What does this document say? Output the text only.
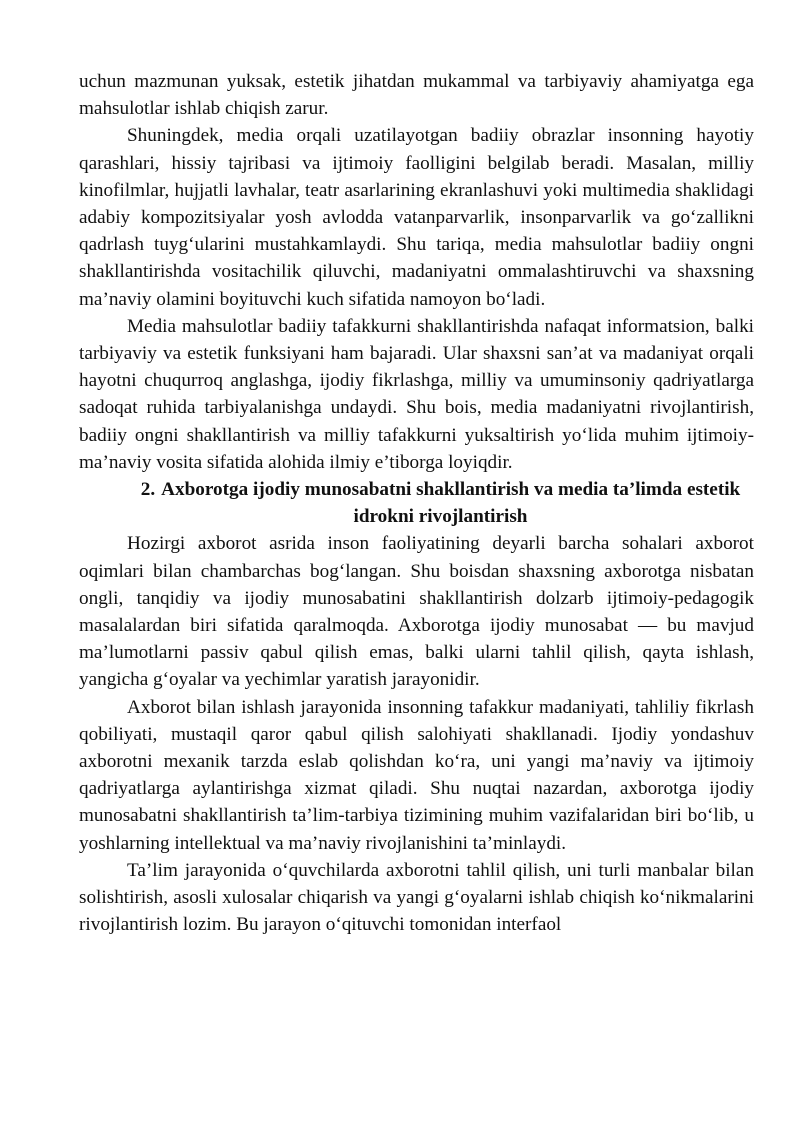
uchun mazmunan yuksak, estetik jihatdan mukammal va tarbiyaviy ahamiyatga ega mahsulotlar ishlab chiqish zarur.

Shuningdek, media orqali uzatilayotgan badiiy obrazlar insonning hayotiy qarashlari, hissiy tajribasi va ijtimoiy faolligini belgilab beradi. Masalan, milliy kinofilmlar, hujjatli lavhalar, teatr asarlarining ekranlashuvi yoki multimedia shaklidagi adabiy kompozitsiyalar yosh avlodda vatanparvarlik, insonparvarlik va go‘zallikni qadrlash tuyg‘ularini mustahkamlaydi. Shu tariqa, media mahsulotlar badiiy ongni shakllantirishda vositachilik qiluvchi, madaniyatni ommalashtiruvchi va shaxsning ma’naviy olamini boyituvchi kuch sifatida namoyon bo‘ladi.

Media mahsulotlar badiiy tafakkurni shakllantirishda nafaqat informatsion, balki tarbiyaviy va estetik funksiyani ham bajaradi. Ular shaxsni san’at va madaniyat orqali hayotni chuqurroq anglashga, ijodiy fikrlashga, milliy va umuminsoniy qadriyatlarga sadoqat ruhida tarbiyalanishga undaydi. Shu bois, media madaniyatni rivojlantirish, badiiy ongni shakllantirish va milliy tafakkurni yuksaltirish yo‘lida muhim ijtimoiy-ma’naviy vosita sifatida alohida ilmiy e’tiborga loyiqdir.

2. Axborotga ijodiy munosabatni shakllantirish va media ta’limda estetik idrokni rivojlantirish

Hozirgi axborot asrida inson faoliyatining deyarli barcha sohalari axborot oqimlari bilan chambarchas bog‘langan. Shu boisdan shaxsning axborotga nisbatan ongli, tanqidiy va ijodiy munosabatini shakllantirish dolzarb ijtimoiy-pedagogik masalalardan biri sifatida qaralmoqda. Axborotga ijodiy munosabat — bu mavjud ma’lumotlarni passiv qabul qilish emas, balki ularni tahlil qilish, qayta ishlash, yangicha g‘oyalar va yechimlar yaratish jarayonidir.

Axborot bilan ishlash jarayonida insonning tafakkur madaniyati, tahliliy fikrlash qobiliyati, mustaqil qaror qabul qilish salohiyati shakllanadi. Ijodiy yondashuv axborotni mexanik tarzda eslab qolishdan ko‘ra, uni yangi ma’naviy va ijtimoiy qadriyatlarga aylantirishga xizmat qiladi. Shu nuqtai nazardan, axborotga ijodiy munosabatni shakllantirish ta’lim-tarbiya tizimining muhim vazifalaridan biri bo‘lib, u yoshlarning intellektual va ma’naviy rivojlanishini ta’minlaydi.

Ta’lim jarayonida o‘quvchilarda axborotni tahlil qilish, uni turli manbalar bilan solishtirish, asosli xulosalar chiqarish va yangi g‘oyalarni ishlab chiqish ko‘nikmalarini rivojlantirish lozim. Bu jarayon o‘qituvchi tomonidan interfaol
